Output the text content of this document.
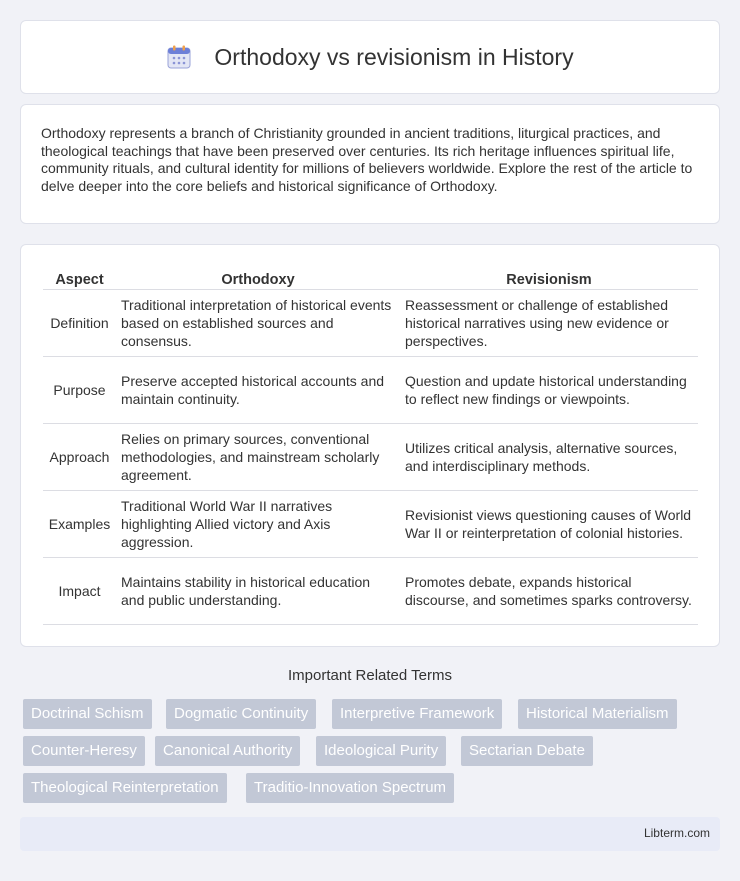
Orthodoxy vs revisionism in History

Orthodoxy represents a branch of Christianity grounded in ancient traditions, liturgical practices, and theological teachings that have been preserved over centuries. Its rich heritage influences spiritual life, community rituals, and cultural identity for millions of believers worldwide. Explore the rest of the article to delve deeper into the core beliefs and historical significance of Orthodoxy.

Aspect	Orthodoxy	Revisionism
Definition	Traditional interpretation of historical events based on established sources and consensus.	Reassessment or challenge of established historical narratives using new evidence or perspectives.
Purpose	Preserve accepted historical accounts and maintain continuity.	Question and update historical understanding to reflect new findings or viewpoints.
Approach	Relies on primary sources, conventional methodologies, and mainstream scholarly agreement.	Utilizes critical analysis, alternative sources, and interdisciplinary methods.
Examples	Traditional World War II narratives highlighting Allied victory and Axis aggression.	Revisionist views questioning causes of World War II or reinterpretation of colonial histories.
Impact	Maintains stability in historical education and public understanding.	Promotes debate, expands historical discourse, and sometimes sparks controversy.
Important Related Terms
Doctrinal Schism	Dogmatic Continuity	Interpretive Framework	Historical Materialism
Counter-Heresy	Canonical Authority	Ideological Purity	Sectarian Debate
Theological Reinterpretation	Traditio-Innovation Spectrum
Libterm.com
